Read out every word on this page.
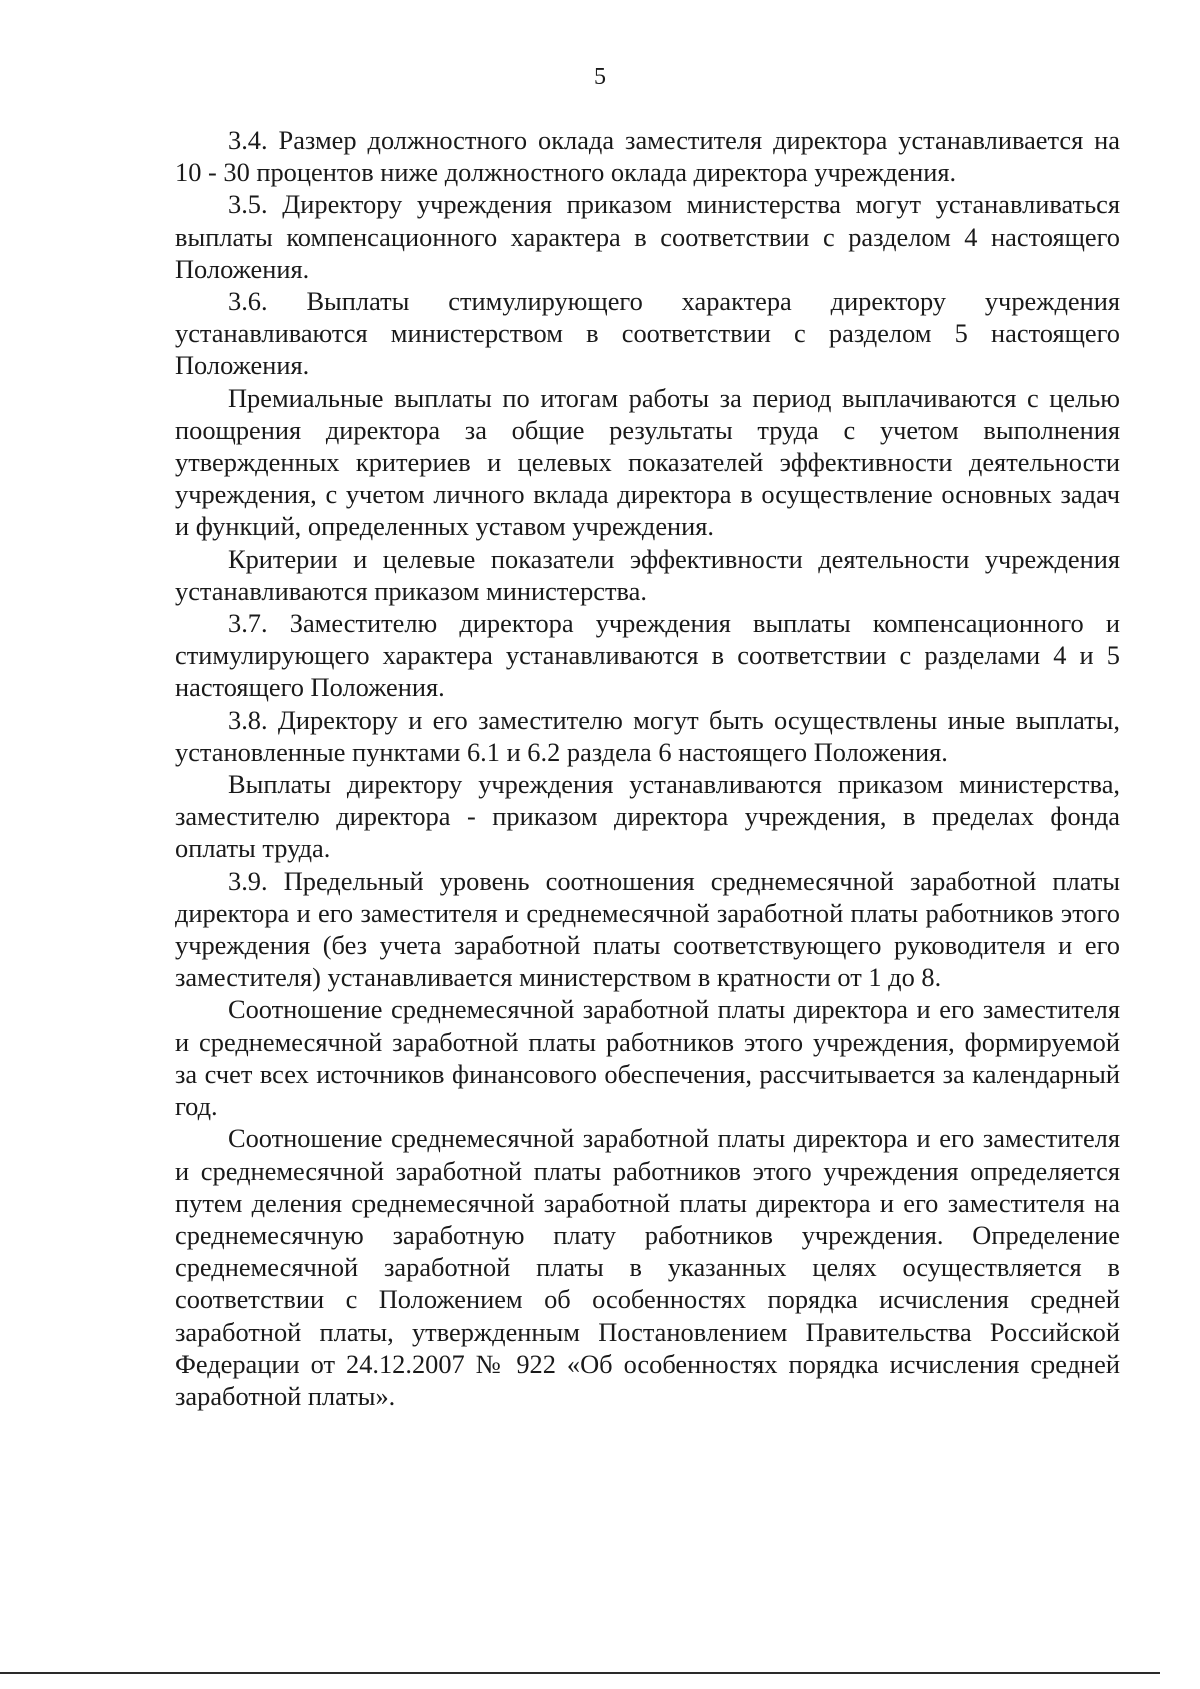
5

3.4. Размер должностного оклада заместителя директора устанавливается на 10 - 30 процентов ниже должностного оклада директора учреждения.

3.5. Директору учреждения приказом министерства могут устанавливаться выплаты компенсационного характера в соответствии с разделом 4 настоящего Положения.

3.6. Выплаты стимулирующего характера директору учреждения устанавливаются министерством в соответствии с разделом 5 настоящего Положения.

Премиальные выплаты по итогам работы за период выплачиваются с целью поощрения директора за общие результаты труда с учетом выполнения утвержденных критериев и целевых показателей эффективности деятельности учреждения, с учетом личного вклада директора в осуществление основных задач и функций, определенных уставом учреждения.

Критерии и целевые показатели эффективности деятельности учреждения устанавливаются приказом министерства.

3.7. Заместителю директора учреждения выплаты компенсационного и стимулирующего характера устанавливаются в соответствии с разделами 4 и 5 настоящего Положения.

3.8. Директору и его заместителю могут быть осуществлены иные выплаты, установленные пунктами 6.1 и 6.2 раздела 6 настоящего Положения.

Выплаты директору учреждения устанавливаются приказом министерства, заместителю директора - приказом директора учреждения, в пределах фонда оплаты труда.

3.9. Предельный уровень соотношения среднемесячной заработной платы директора и его заместителя и среднемесячной заработной платы работников этого учреждения (без учета заработной платы соответствующего руководителя и его заместителя) устанавливается министерством в кратности от 1 до 8.

Соотношение среднемесячной заработной платы директора и его заместителя и среднемесячной заработной платы работников этого учреждения, формируемой за счет всех источников финансового обеспечения, рассчитывается за календарный год.

Соотношение среднемесячной заработной платы директора и его заместителя и среднемесячной заработной платы работников этого учреждения определяется путем деления среднемесячной заработной платы директора и его заместителя на среднемесячную заработную плату работников учреждения. Определение среднемесячной заработной платы в указанных целях осуществляется в соответствии с Положением об особенностях порядка исчисления средней заработной платы, утвержденным Постановлением Правительства Российской Федерации от 24.12.2007 № 922 «Об особенностях порядка исчисления средней заработной платы».
